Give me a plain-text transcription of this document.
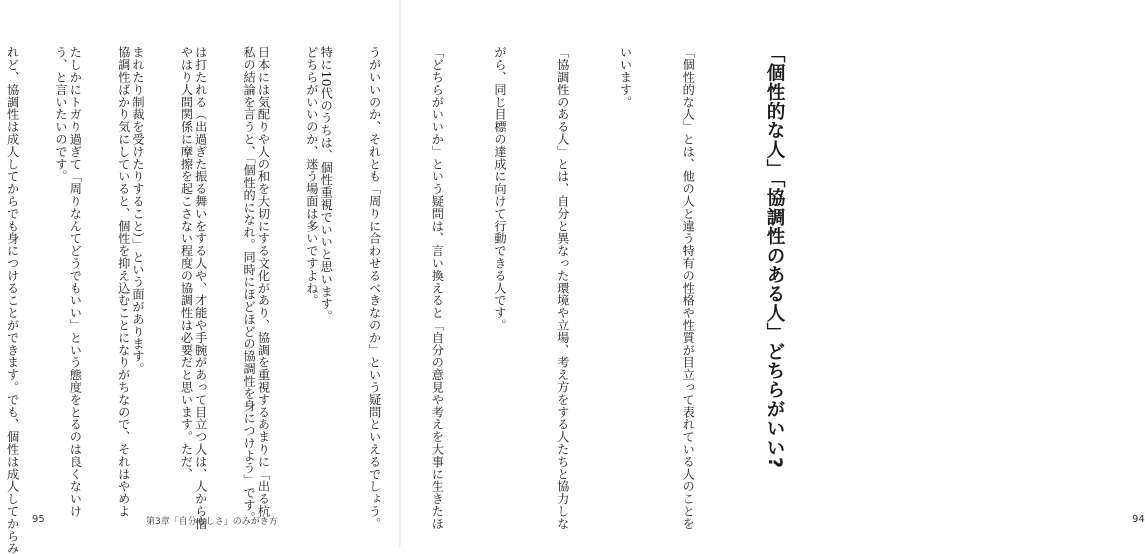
「個性的な人」「協調性のある人」どちらがいい?

「個性的な人」とは、他の人と違う特有の性格や性質が目立って表れている人のことを

いいます。

「協調性のある人」とは、自分と異なった環境や立場、考え方をする人たちと協力しな

がら、同じ目標の達成に向けて行動できる人です。

「どちらがいいか」という疑問は、言い換えると「自分の意見や考えを大事に生きたほ

うがいいのか、それとも「周りに合わせるべきなのか」という疑問といえるでしょう。

どちらがいいのか、迷う場面は多いですよね。

私の結論を言うと、「個性的になれ。同時にほどほどの協調性を身につけよう」です。

やはり人間関係に摩擦を起こさない程度の協調性は必要だと思います。ただ、

協調性ばかり気にしていると、個性を抑え込むことになりがちなので、それはやめよ

う、と言いたいのです。

94

特に10代のうちは、個性重視でいいと思います。

日本には気配りや人の和を大切にする文化があり、協調を重視するあまりに「出る杭

は打たれる（出過ぎた振る舞いをする人や、才能や手腕があって目立つ人は、人から憎

まれたり制裁を受けたりすること）」という面があります。

たしかにトガり過ぎて「周りなんてどうでもいい」という態度をとるのは良くないけ

れど、協調性は成人してからでも身につけることができます。でも、個性は成人してからみ

	95	第3章「自分らしさ」のみがき方
